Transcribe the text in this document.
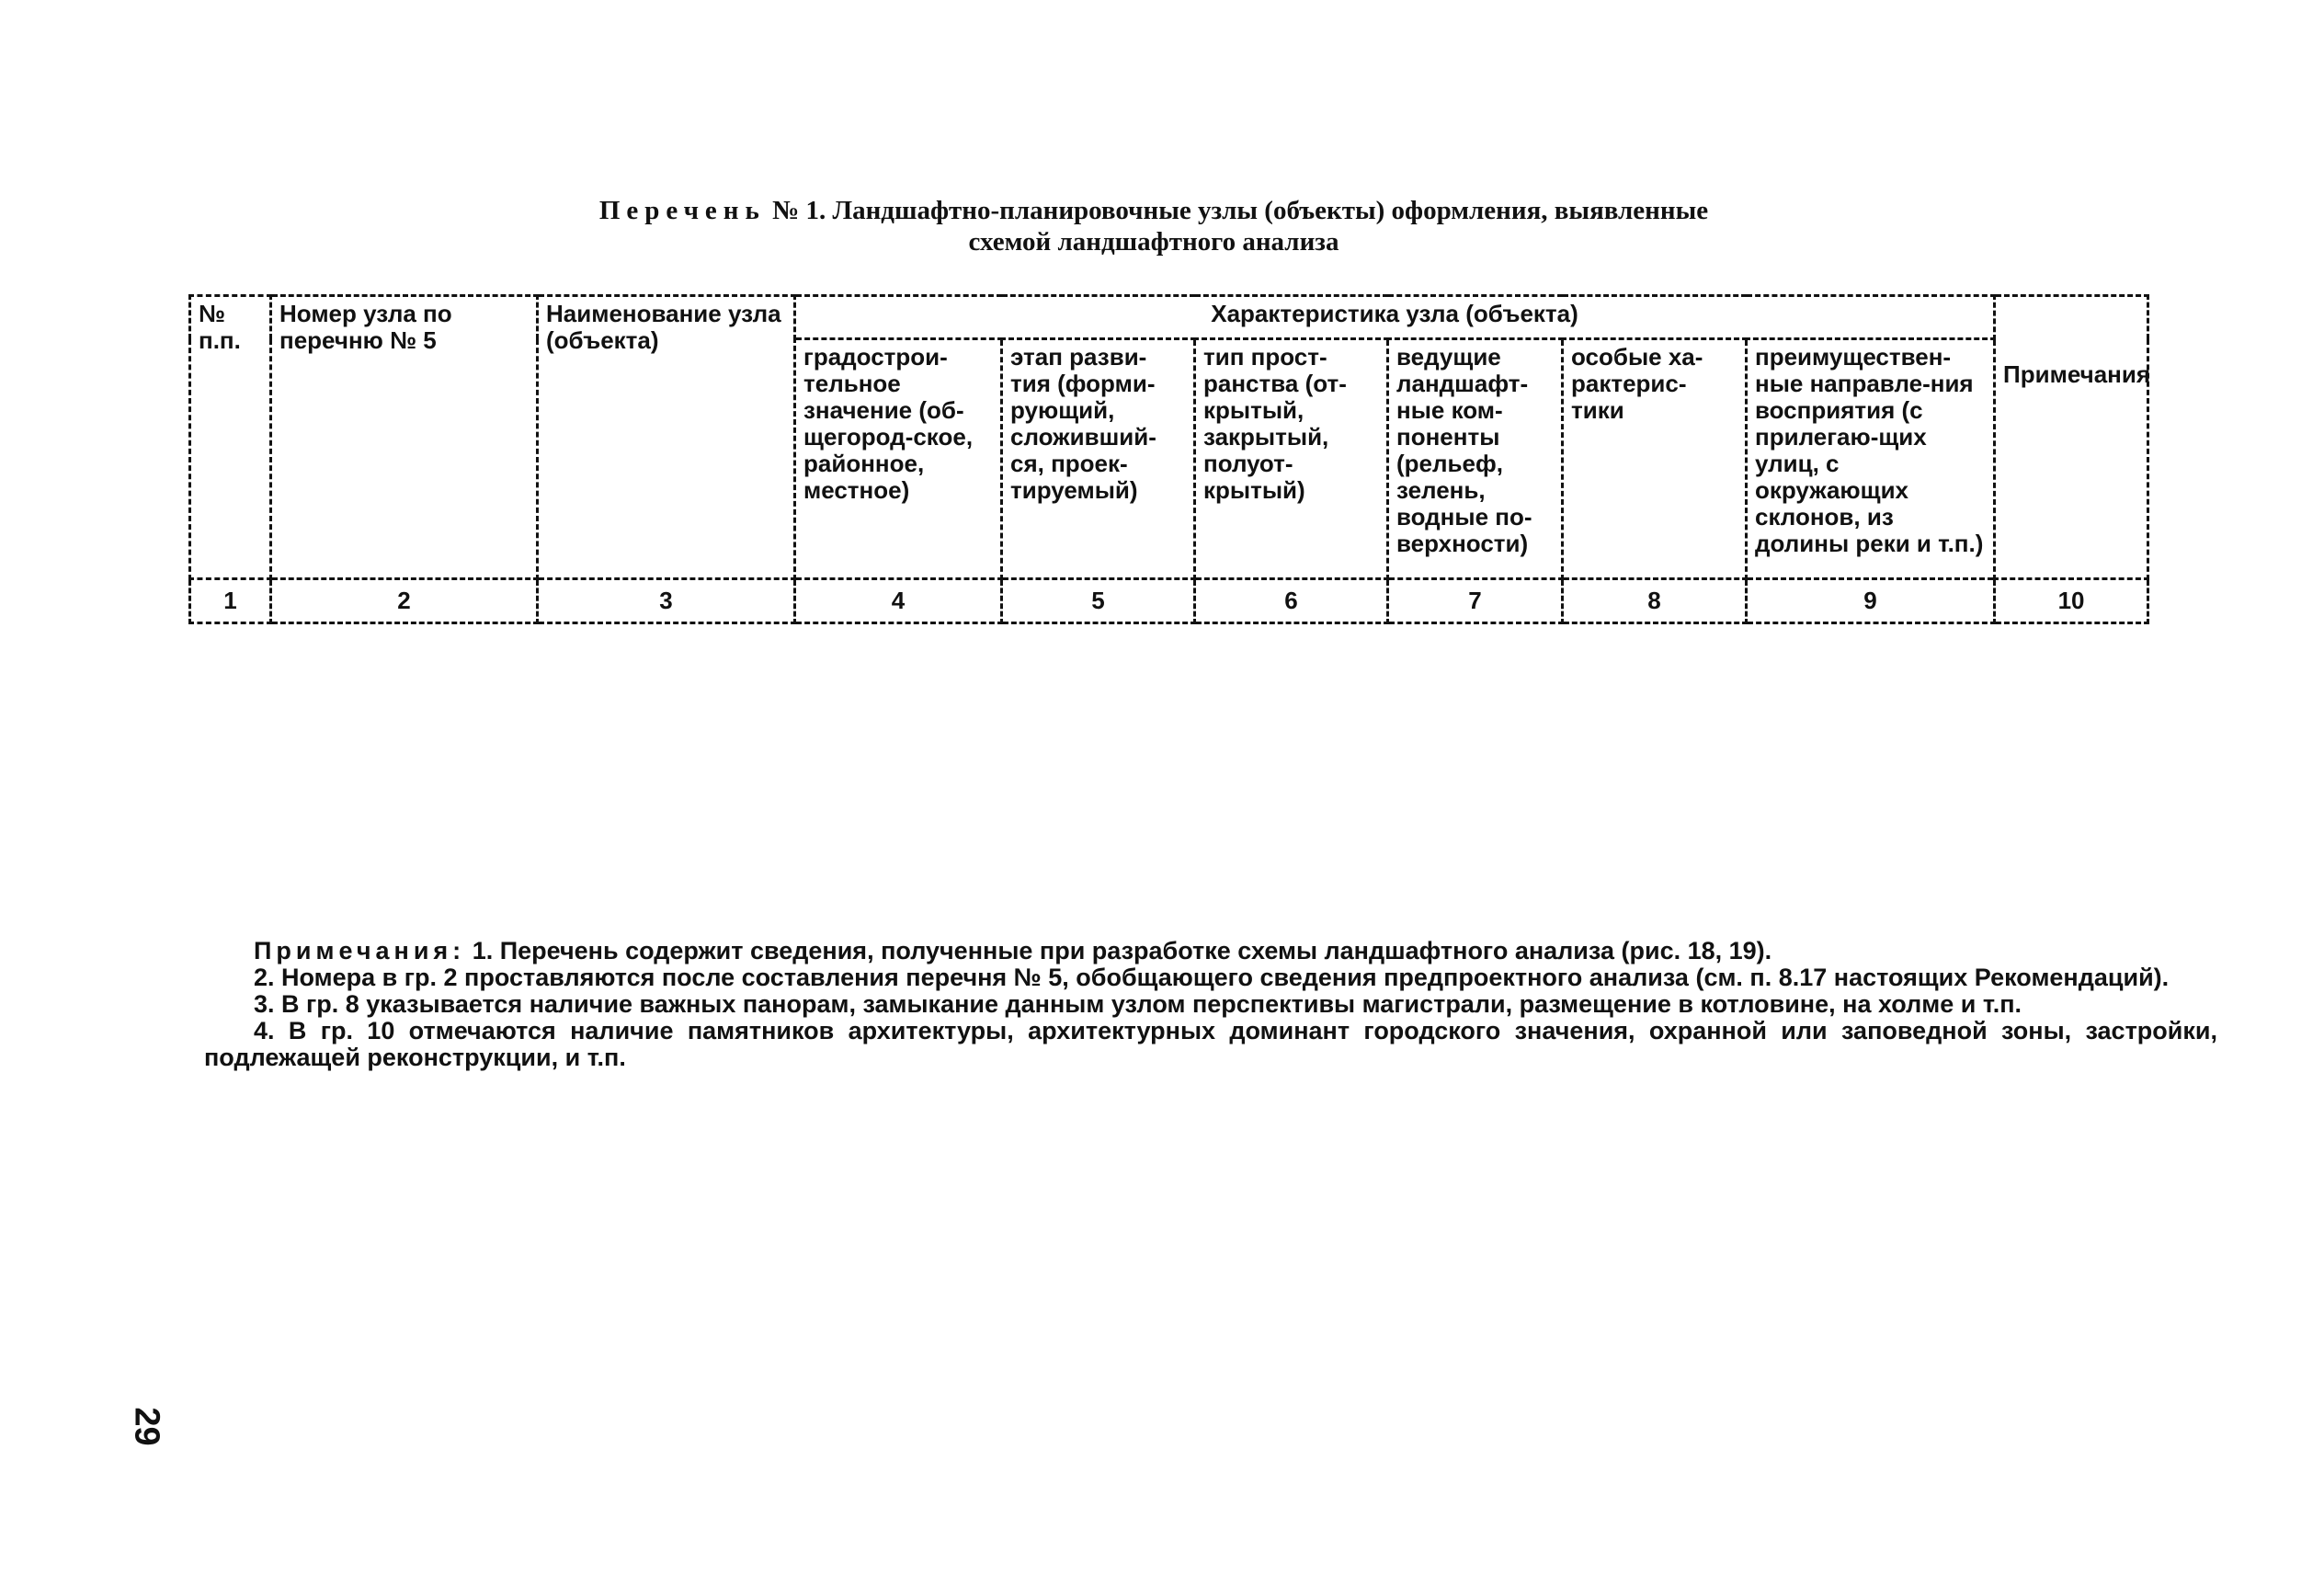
Перечень № 1. Ландшафтно-планировочные узлы (объекты) оформления, выявленные
схемой ландшафтного анализа
№ п.п.	Номер узла по перечню № 5	Наименование узла (объекта)	Характеристика узла (объекта)						Примечания
			градострои-тельное значение (об-щегород-ское, районное, местное)	этап разви-тия (форми-рующий, сложивший-ся, проек-тируемый)	тип прост-ранства (от-крытый, закрытый, полуот-крытый)	ведущие ландшафт-ные ком-поненты (рельеф, зелень, водные по-верхности)	особые ха-рактерис-тики	преимуществен-ные направле-ния восприятия (с прилегаю-щих улиц, с окружающих склонов, из долины реки и т.п.)	
1	2	3	4	5	6	7	8	9	10

Примечания: 1. Перечень содержит сведения, полученные при разработке схемы ландшафтного анализа (рис. 18, 19).

2. Номера в гр. 2 проставляются после составления перечня № 5, обобщающего сведения предпроектного анализа (см. п. 8.17 настоящих Рекомендаций).

3. В гр. 8 указывается наличие важных панорам, замыкание данным узлом перспективы магистрали, размещение в котловине, на холме и т.п.

4. В гр. 10 отмечаются наличие памятников архитектуры, архитектурных доминант городского значения, охранной или заповедной зоны, застройки, подлежащей реконструкции, и т.п.

29
